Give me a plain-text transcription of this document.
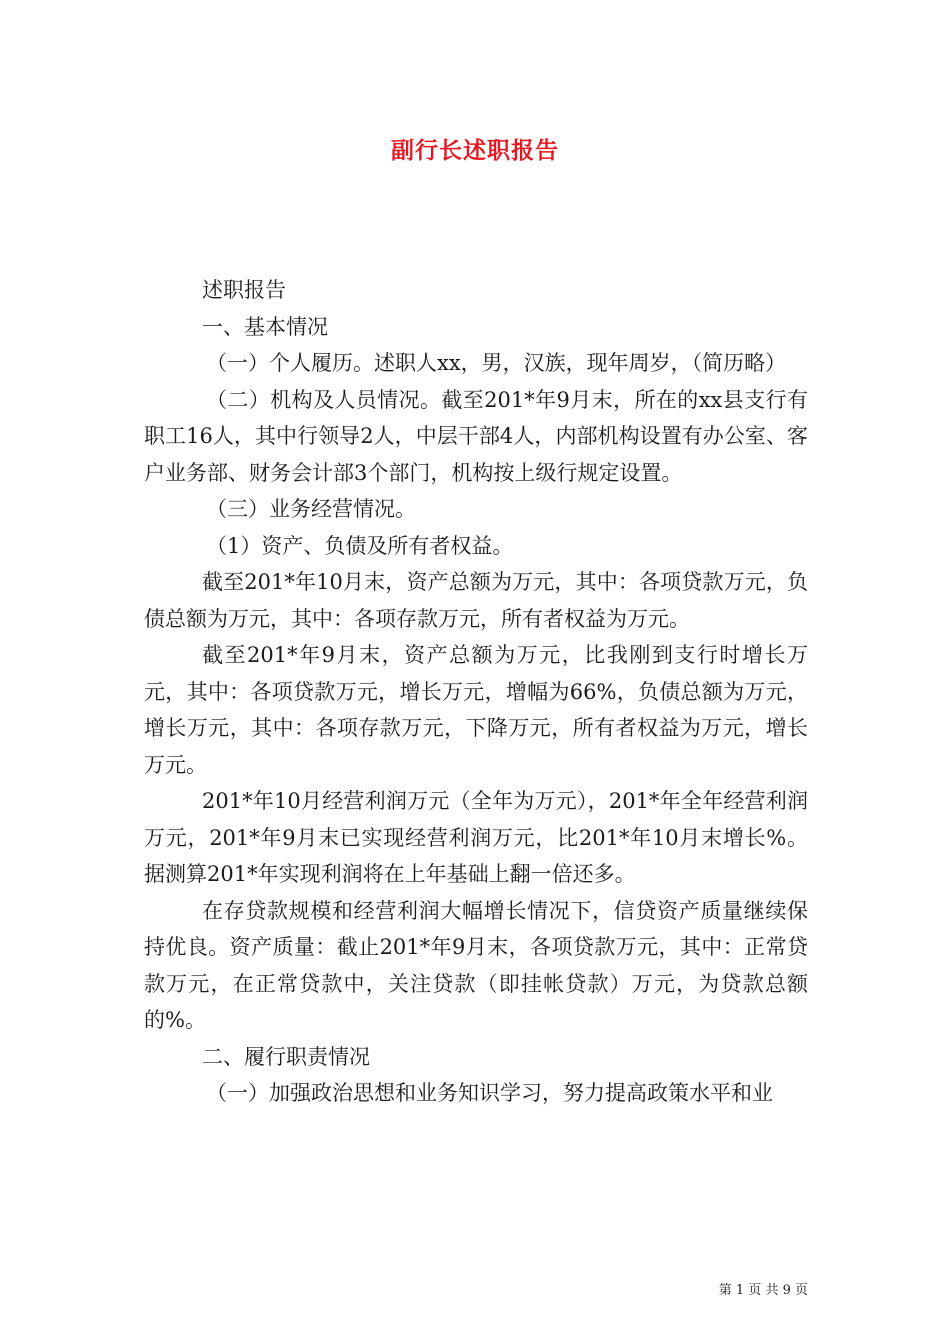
副行长述职报告

述职报告

一、基本情况

（一）个人履历。述职人xx，男，汉族，现年周岁，（简历略）

（二）机构及人员情况。截至201*年9月末，所在的xx县支行有职工16人，其中行领导2人，中层干部4人，内部机构设置有办公室、客户业务部、财务会计部3个部门，机构按上级行规定设置。

（三）业务经营情况。

（1）资产、负债及所有者权益。

截至201*年10月末，资产总额为万元，其中：各项贷款万元，负债总额为万元，其中：各项存款万元，所有者权益为万元。

截至201*年9月末，资产总额为万元，比我刚到支行时增长万元，其中：各项贷款万元，增长万元，增幅为66%，负债总额为万元，增长万元，其中：各项存款万元，下降万元，所有者权益为万元，增长万元。

201*年10月经营利润万元（全年为万元），201*年全年经营利润万元，201*年9月末已实现经营利润万元，比201*年10月末增长%。据测算201*年实现利润将在上年基础上翻一倍还多。

在存贷款规模和经营利润大幅增长情况下，信贷资产质量继续保持优良。资产质量：截止201*年9月末，各项贷款万元，其中：正常贷款万元，在正常贷款中，关注贷款（即挂帐贷款）万元，为贷款总额的%。

二、履行职责情况

（一）加强政治思想和业务知识学习，努力提高政策水平和业

第 1 页 共 9 页
